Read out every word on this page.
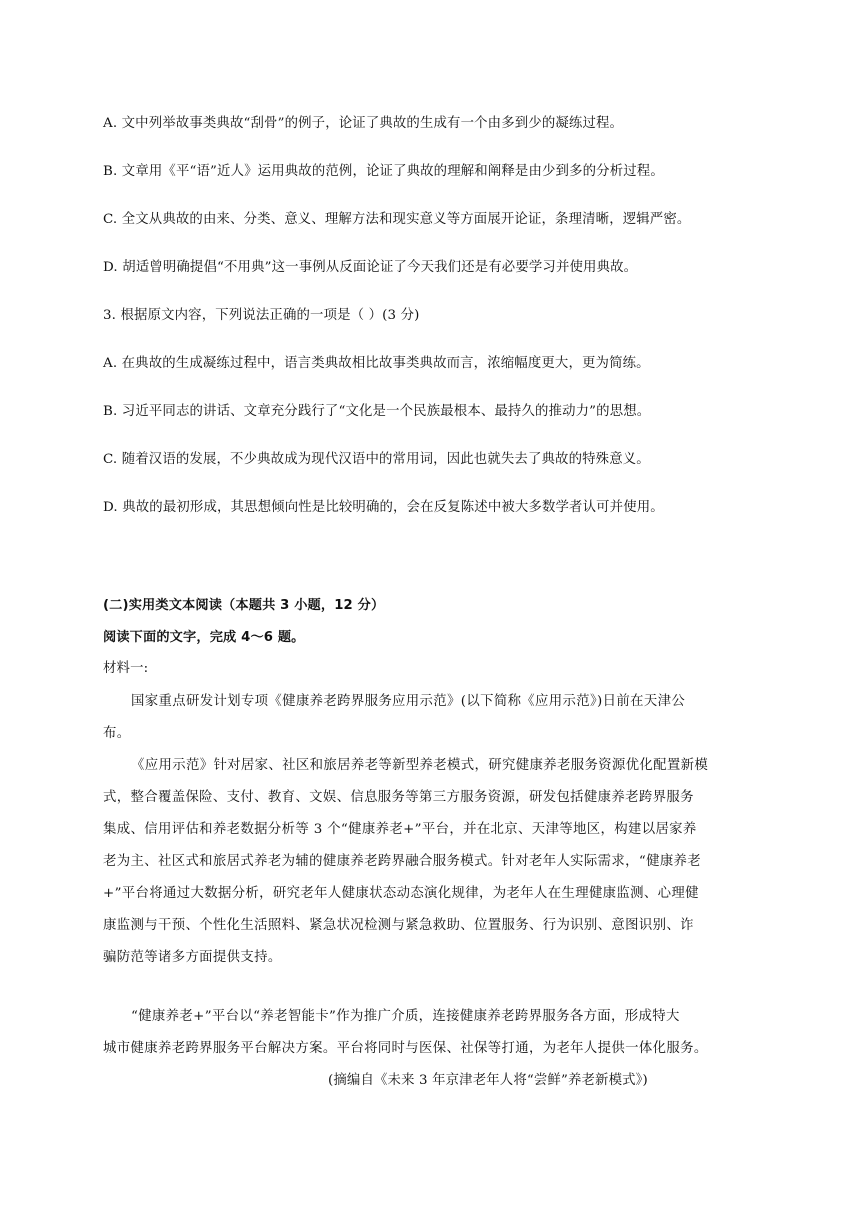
A. 文中列举故事类典故“刮骨”的例子，论证了典故的生成有一个由多到少的凝练过程。
B. 文章用《平“语”近人》运用典故的范例，论证了典故的理解和阐释是由少到多的分析过程。
C. 全文从典故的由来、分类、意义、理解方法和现实意义等方面展开论证，条理清晰，逻辑严密。
D. 胡适曾明确提倡“不用典”这一事例从反面论证了今天我们还是有必要学习并使用典故。
3. 根据原文内容，下列说法正确的一项是（ ）(3 分)
A. 在典故的生成凝练过程中，语言类典故相比故事类典故而言，浓缩幅度更大，更为简练。
B. 习近平同志的讲话、文章充分践行了“文化是一个民族最根本、最持久的推动力”的思想。
C. 随着汉语的发展，不少典故成为现代汉语中的常用词，因此也就失去了典故的特殊意义。
D. 典故的最初形成，其思想倾向性是比较明确的，会在反复陈述中被大多数学者认可并使用。
(二)实用类文本阅读（本题共 3 小题，12 分）
阅读下面的文字，完成 4～6 题。
材料一:
国家重点研发计划专项《健康养老跨界服务应用示范》(以下简称《应用示范》)日前在天津公
布。
《应用示范》针对居家、社区和旅居养老等新型养老模式，研究健康养老服务资源优化配置新模
式，整合覆盖保险、支付、教育、文娱、信息服务等第三方服务资源，研发包括健康养老跨界服务
集成、信用评估和养老数据分析等 3 个“健康养老+”平台，并在北京、天津等地区，构建以居家养
老为主、社区式和旅居式养老为辅的健康养老跨界融合服务模式。针对老年人实际需求，“健康养老
+”平台将通过大数据分析，研究老年人健康状态动态演化规律，为老年人在生理健康监测、心理健
康监测与干预、个性化生活照料、紧急状况检测与紧急救助、位置服务、行为识别、意图识别、诈
骗防范等诸多方面提供支持。
“健康养老+”平台以“养老智能卡”作为推广介质，连接健康养老跨界服务各方面，形成特大
城市健康养老跨界服务平台解决方案。平台将同时与医保、社保等打通，为老年人提供一体化服务。
(摘编自《未来 3 年京津老年人将“尝鲜”养老新模式》)
